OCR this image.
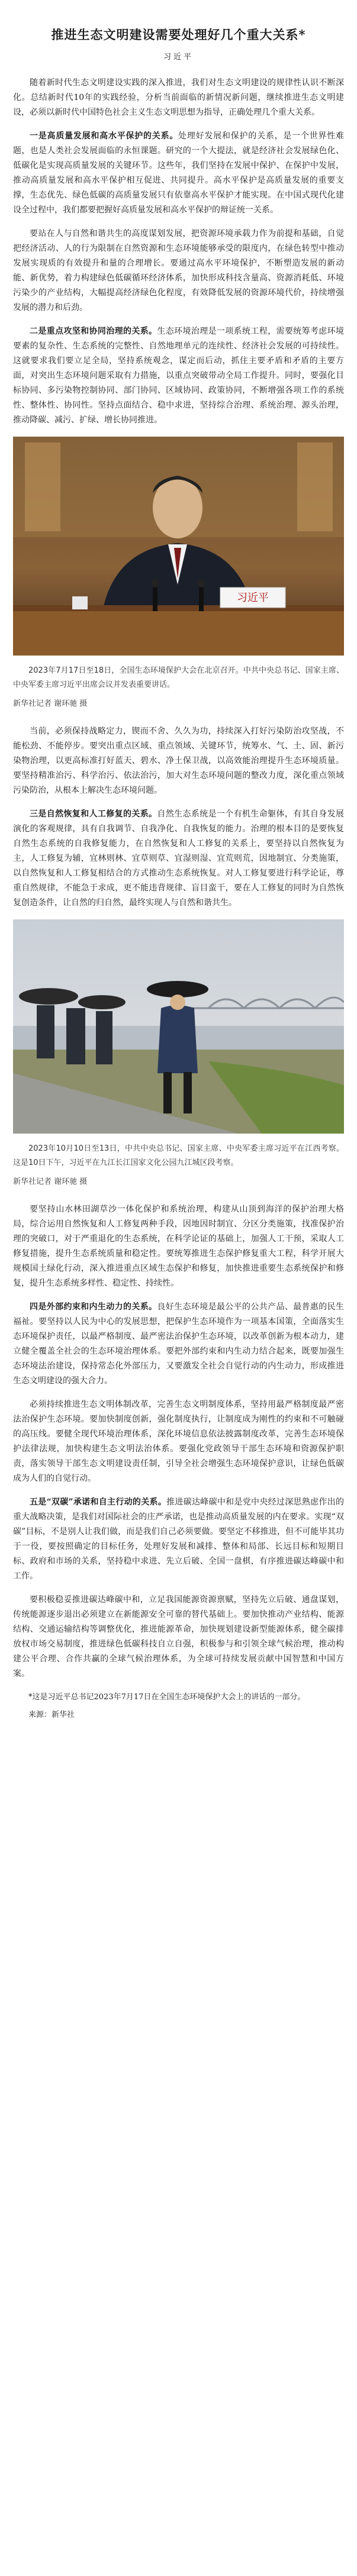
推进生态文明建设需要处理好几个重大关系*
习近平

随着新时代生态文明建设实践的深入推进，我们对生态文明建设的规律性认识不断深化。总结新时代10年的实践经验，分析当前面临的新情况新问题，继续推进生态文明建设，必须以新时代中国特色社会主义生态文明思想为指导，正确处理几个重大关系。

一是高质量发展和高水平保护的关系。处理好发展和保护的关系，是一个世界性难题，也是人类社会发展面临的永恒课题。研究的一个大提法，就是经济社会发展绿色化、低碳化是实现高质量发展的关键环节。这些年，我们坚持在发展中保护、在保护中发展，推动高质量发展和高水平保护相互促进、共同提升。高水平保护是高质量发展的重要支撑，生态优先、绿色低碳的高质量发展只有依靠高水平保护才能实现。在中国式现代化建设全过程中，我们都要把握好高质量发展和高水平保护的辩证统一关系。

要站在人与自然和谐共生的高度谋划发展，把资源环境承载力作为前提和基础，自觉把经济活动、人的行为限制在自然资源和生态环境能够承受的限度内，在绿色转型中推动发展实现质的有效提升和量的合理增长。要通过高水平环境保护，不断塑造发展的新动能、新优势，着力构建绿色低碳循环经济体系，加快形成科技含量高、资源消耗低、环境污染少的产业结构，大幅提高经济绿色化程度，有效降低发展的资源环境代价，持续增强发展的潜力和后劲。

二是重点攻坚和协同治理的关系。生态环境治理是一项系统工程，需要统筹考虑环境要素的复杂性、生态系统的完整性、自然地理单元的连续性、经济社会发展的可持续性。这就要求我们要立足全局，坚持系统观念，谋定而后动，抓住主要矛盾和矛盾的主要方面，对突出生态环境问题采取有力措施，以重点突破带动全局工作提升。同时，要强化目标协同、多污染物控制协同、部门协同、区域协同、政策协同，不断增强各项工作的系统性、整体性、协同性。坚持点面结合、稳中求进，坚持综合治理、系统治理、源头治理，推动降碳、减污、扩绿、增长协同推进。

习近平
2023年7月17日至18日，全国生态环境保护大会在北京召开。中共中央总书记、国家主席、中央军委主席习近平出席会议并发表重要讲话。
新华社记者 谢环驰 摄

当前，必须保持战略定力，锲而不舍、久久为功，持续深入打好污染防治攻坚战，不能松劲、不能停步。要突出重点区域、重点领域、关键环节，统筹水、气、土、固、新污染物治理，以更高标准打好蓝天、碧水、净土保卫战，以高效能治理提升生态环境质量。要坚持精准治污、科学治污、依法治污，加大对生态环境问题的整改力度，深化重点领域污染防治，从根本上解决生态环境问题。

三是自然恢复和人工修复的关系。自然生态系统是一个有机生命躯体，有其自身发展演化的客观规律，具有自我调节、自我净化、自我恢复的能力。治理的根本目的是要恢复自然生态系统的自我修复能力，在自然恢复和人工修复的关系上，要坚持以自然恢复为主，人工修复为辅，宜林则林、宜草则草、宜湿则湿、宜荒则荒，因地制宜、分类施策，以自然恢复和人工修复相结合的方式推动生态系统恢复。对人工修复要进行科学论证，尊重自然规律，不能急于求成，更不能违背规律、盲目蛮干，要在人工修复的同时为自然恢复创造条件，让自然的归自然，最终实现人与自然和谐共生。

2023年10月10日至13日，中共中央总书记、国家主席、中央军委主席习近平在江西考察。这是10日下午，习近平在九江长江国家文化公园九江城区段考察。
新华社记者 谢环驰 摄

要坚持山水林田湖草沙一体化保护和系统治理，构建从山顶到海洋的保护治理大格局，综合运用自然恢复和人工修复两种手段，因地因时制宜、分区分类施策，找准保护治理的突破口，对于严重退化的生态系统，在科学论证的基础上，加强人工干预，采取人工修复措施，提升生态系统质量和稳定性。要统筹推进生态保护修复重大工程，科学开展大规模国土绿化行动，深入推进重点区域生态保护和修复，加快推进重要生态系统保护和修复，提升生态系统多样性、稳定性、持续性。

四是外部约束和内生动力的关系。良好生态环境是最公平的公共产品、最普惠的民生福祉。要坚持以人民为中心的发展思想，把保护生态环境作为一项基本国策，全面落实生态环境保护责任，以最严格制度、最严密法治保护生态环境，以改革创新为根本动力，建立健全覆盖全社会的生态环境治理体系。要把外部约束和内生动力结合起来，既要加强生态环境法治建设，保持常态化外部压力，又要激发全社会自觉行动的内生动力，形成推进生态文明建设的强大合力。

必须持续推进生态文明体制改革，完善生态文明制度体系，坚持用最严格制度最严密法治保护生态环境。要加快制度创新，强化制度执行，让制度成为刚性的约束和不可触碰的高压线。要健全现代环境治理体系，深化环境信息依法披露制度改革，完善生态环境保护法律法规，加快构建生态文明法治体系。要强化党政领导干部生态环境和资源保护职责，落实领导干部生态文明建设责任制，引导全社会增强生态环境保护意识，让绿色低碳成为人们的自觉行动。

五是“双碳”承诺和自主行动的关系。推进碳达峰碳中和是党中央经过深思熟虑作出的重大战略决策，是我们对国际社会的庄严承诺，也是推动高质量发展的内在要求。实现“双碳”目标，不是别人让我们做，而是我们自己必须要做。要坚定不移推进，但不可能毕其功于一役，要按照确定的目标任务，处理好发展和减排、整体和局部、长远目标和短期目标、政府和市场的关系，坚持稳中求进、先立后破、全国一盘棋，有序推进碳达峰碳中和工作。

要积极稳妥推进碳达峰碳中和，立足我国能源资源禀赋，坚持先立后破、通盘谋划，传统能源逐步退出必须建立在新能源安全可靠的替代基础上。要加快推动产业结构、能源结构、交通运输结构等调整优化，推进能源革命，加快规划建设新型能源体系，健全碳排放权市场交易制度，推进绿色低碳科技自立自强，积极参与和引领全球气候治理，推动构建公平合理、合作共赢的全球气候治理体系，为全球可持续发展贡献中国智慧和中国方案。

*这是习近平总书记2023年7月17日在全国生态环境保护大会上的讲话的一部分。
来源：新华社
